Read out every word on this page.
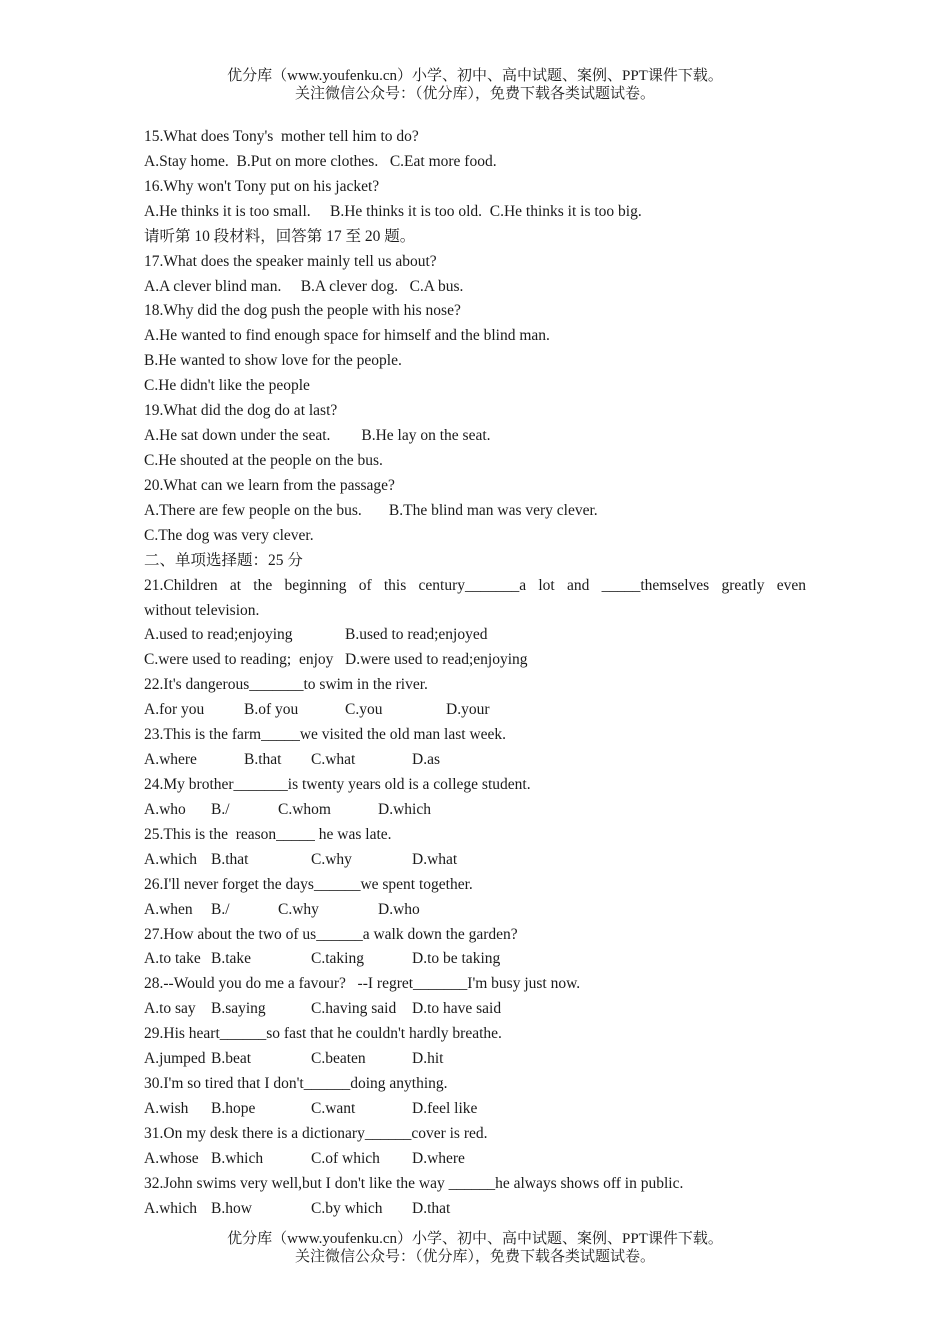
优分库（www.youfenku.cn）小学、初中、高中试题、案例、PPT课件下载。
关注微信公众号：（优分库），免费下载各类试题试卷。
15.What does Tony's  mother tell him to do?
A.Stay home.  B.Put on more clothes.   C.Eat more food.
16.Why won't Tony put on his jacket?
A.He thinks it is too small.     B.He thinks it is too old.  C.He thinks it is too big.
请听第 10 段材料，回答第 17 至 20 题。
17.What does the speaker mainly tell us about?
A.A clever blind man.     B.A clever dog.   C.A bus.
18.Why did the dog push the people with his nose?
A.He wanted to find enough space for himself and the blind man.
B.He wanted to show love for the people.
C.He didn't like the people
19.What did the dog do at last?
A.He sat down under the seat.        B.He lay on the seat.
C.He shouted at the people on the bus.
20.What can we learn from the passage?
A.There are few people on the bus.       B.The blind man was very clever.
C.The dog was very clever.
二、单项选择题：25 分
21.Children at the beginning of this century_______a lot and _____themselves greatly even
without television.
A.used to read;enjoying	B.used to read;enjoyed
C.were used to reading;  enjoy D.were used to read;enjoying
22.It's dangerous_______to swim in the river.
A.for you	B.of you	C.you	D.your
23.This is the farm_____we visited the old man last week.
A.where	B.that C.what	D.as
24.My brother_______is twenty years old is a college student.
A.who B./	C.whom	D.which
25.This is the  reason_____ he was late.
A.which B.that	C.why	D.what
26.I'll never forget the days______we spent together.
A.when B./	C.why	D.who
27.How about the two of us______a walk down the garden?
A.to take B.take	C.taking	D.to be taking
28.--Would you do me a favour?   --I regret_______I'm busy just now.
A.to say B.saying	C.having said D.to have said
29.His heart______so fast that he couldn't hardly breathe.
A.jumped B.beat	C.beaten	D.hit
30.I'm so tired that I don't______doing anything.
A.wish B.hope	C.want	D.feel like
31.On my desk there is a dictionary______cover is red.
A.whose B.which	C.of which D.where
32.John swims very well,but I don't like the way ______he always shows off in public.
A.which B.how	C.by which D.that
优分库（www.youfenku.cn）小学、初中、高中试题、案例、PPT课件下载。
关注微信公众号：（优分库），免费下载各类试题试卷。
